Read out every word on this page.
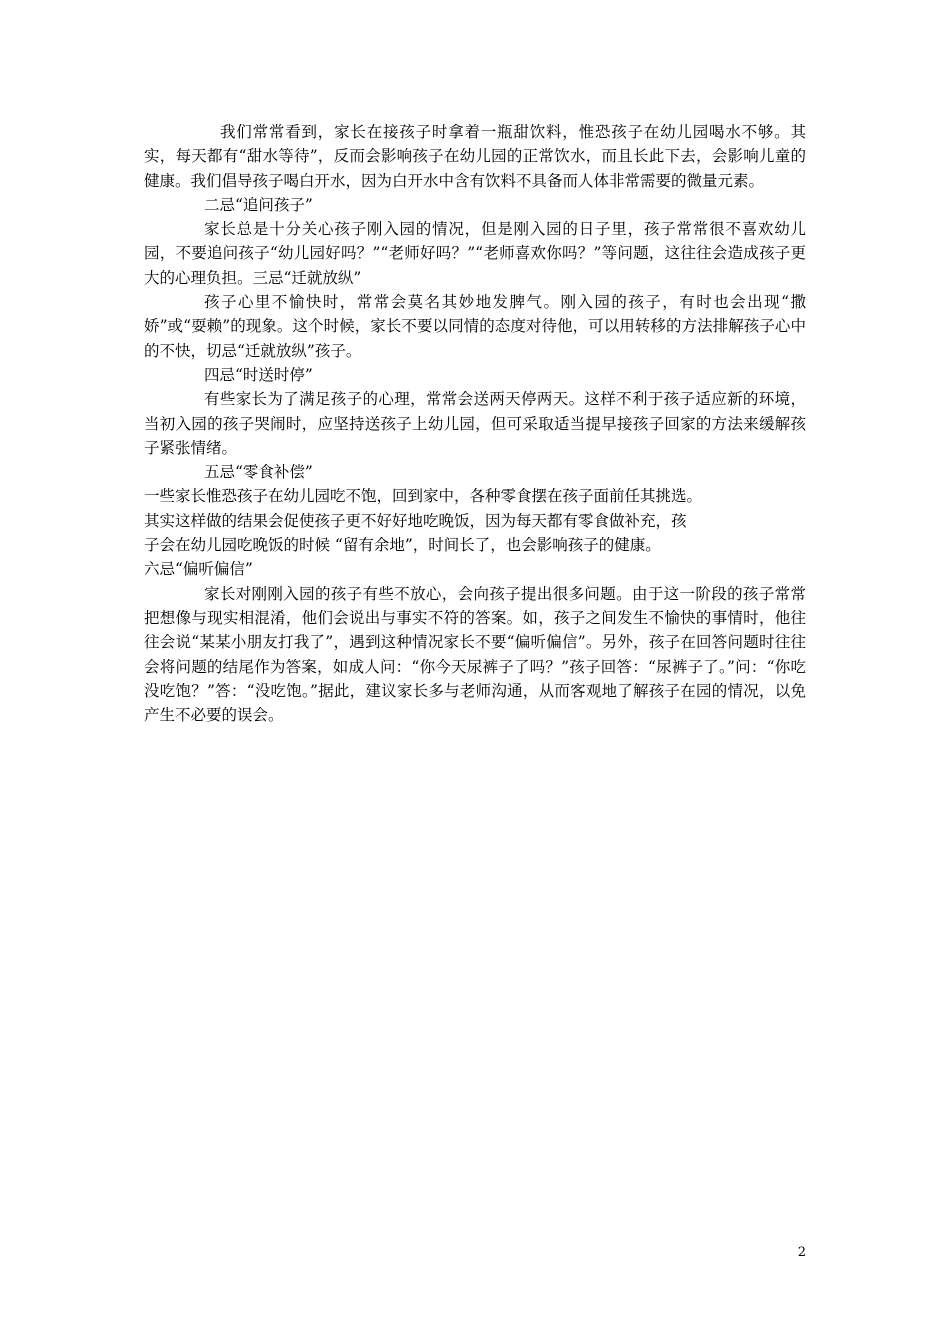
我们常常看到，家长在接孩子时拿着一瓶甜饮料，惟恐孩子在幼儿园喝水不够。其实，每天都有“甜水等待”，反而会影响孩子在幼儿园的正常饮水，而且长此下去，会影响儿童的健康。我们倡导孩子喝白开水，因为白开水中含有饮料不具备而人体非常需要的微量元素。

二忌“追问孩子”

家长总是十分关心孩子刚入园的情况，但是刚入园的日子里，孩子常常很不喜欢幼儿园，不要追问孩子“幼儿园好吗？”“老师好吗？”“老师喜欢你吗？”等问题，这往往会造成孩子更大的心理负担。三忌“迁就放纵”

孩子心里不愉快时，常常会莫名其妙地发脾气。刚入园的孩子，有时也会出现“撒娇”或“耍赖”的现象。这个时候，家长不要以同情的态度对待他，可以用转移的方法排解孩子心中的不快，切忌“迁就放纵”孩子。

四忌“时送时停”

有些家长为了满足孩子的心理，常常会送两天停两天。这样不利于孩子适应新的环境，当初入园的孩子哭闹时，应坚持送孩子上幼儿园，但可采取适当提早接孩子回家的方法来缓解孩子紧张情绪。

五忌“零食补偿”

一些家长惟恐孩子在幼儿园吃不饱，回到家中，各种零食摆在孩子面前任其挑选。

其实这样做的结果会促使孩子更不好好地吃晚饭，因为每天都有零食做补充，孩

子会在幼儿园吃晚饭的时候 “留有余地”，时间长了，也会影响孩子的健康。

六忌“偏听偏信”

家长对刚刚入园的孩子有些不放心，会向孩子提出很多问题。由于这一阶段的孩子常常把想像与现实相混淆，他们会说出与事实不符的答案。如，孩子之间发生不愉快的事情时，他往往会说“某某小朋友打我了”，遇到这种情况家长不要“偏听偏信”。另外，孩子在回答问题时往往会将问题的结尾作为答案，如成人问：“你今天尿裤子了吗？”孩子回答：“尿裤子了。”问：“你吃没吃饱？”答：“没吃饱。”据此，建议家长多与老师沟通，从而客观地了解孩子在园的情况，以免产生不必要的误会。

2
